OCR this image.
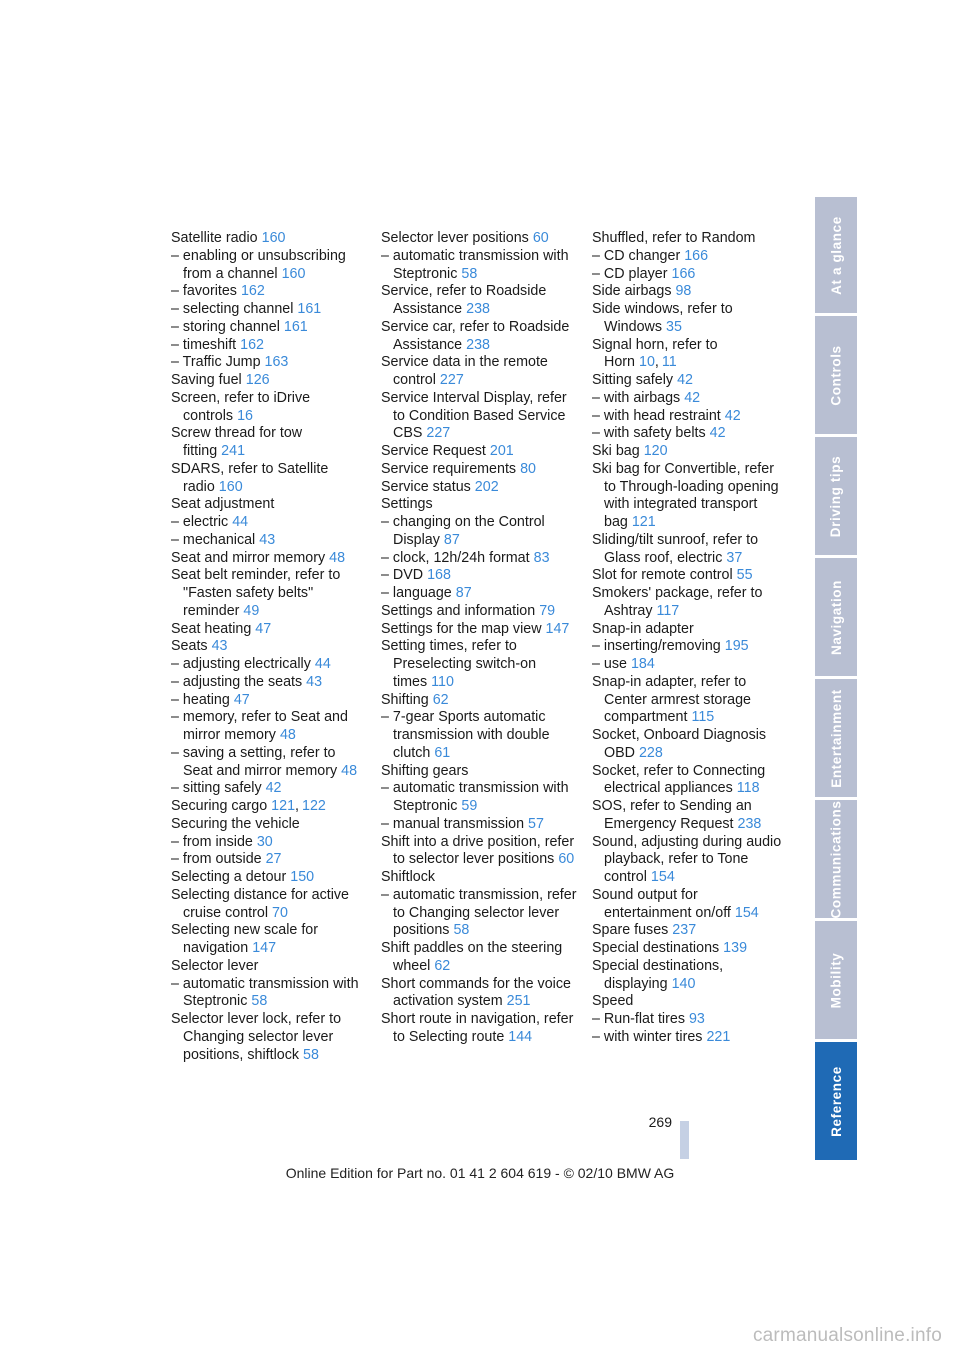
Satellite radio 160
– enabling or unsubscribing from a channel 160
– favorites 162
– selecting channel 161
– storing channel 161
– timeshift 162
– Traffic Jump 163
Saving fuel 126
Screen, refer to iDrive controls 16
Screw thread for tow fitting 241
SDARS, refer to Satellite radio 160
Seat adjustment
– electric 44
– mechanical 43
Seat and mirror memory 48
Seat belt reminder, refer to "Fasten safety belts" reminder 49
Seat heating 47
Seats 43
– adjusting electrically 44
– adjusting the seats 43
– heating 47
– memory, refer to Seat and mirror memory 48
– saving a setting, refer to Seat and mirror memory 48
– sitting safely 42
Securing cargo 121, 122
Securing the vehicle
– from inside 30
– from outside 27
Selecting a detour 150
Selecting distance for active cruise control 70
Selecting new scale for navigation 147
Selector lever
– automatic transmission with Steptronic 58
Selector lever lock, refer to Changing selector lever positions, shiftlock 58
Selector lever positions 60
– automatic transmission with Steptronic 58
Service, refer to Roadside Assistance 238
Service car, refer to Roadside Assistance 238
Service data in the remote control 227
Service Interval Display, refer to Condition Based Service CBS 227
Service Request 201
Service requirements 80
Service status 202
Settings
– changing on the Control Display 87
– clock, 12h/24h format 83
– DVD 168
– language 87
Settings and information 79
Settings for the map view 147
Setting times, refer to Preselecting switch-on times 110
Shifting 62
– 7-gear Sports automatic transmission with double clutch 61
Shifting gears
– automatic transmission with Steptronic 59
– manual transmission 57
Shift into a drive position, refer to selector lever positions 60
Shiftlock
– automatic transmission, refer to Changing selector lever positions 58
Shift paddles on the steering wheel 62
Short commands for the voice activation system 251
Short route in navigation, refer to Selecting route 144
Shuffled, refer to Random
– CD changer 166
– CD player 166
Side airbags 98
Side windows, refer to Windows 35
Signal horn, refer to Horn 10, 11
Sitting safely 42
– with airbags 42
– with head restraint 42
– with safety belts 42
Ski bag 120
Ski bag for Convertible, refer to Through-loading opening with integrated transport bag 121
Sliding/tilt sunroof, refer to Glass roof, electric 37
Slot for remote control 55
Smokers' package, refer to Ashtray 117
Snap-in adapter
– inserting/removing 195
– use 184
Snap-in adapter, refer to Center armrest storage compartment 115
Socket, Onboard Diagnosis OBD 228
Socket, refer to Connecting electrical appliances 118
SOS, refer to Sending an Emergency Request 238
Sound, adjusting during audio playback, refer to Tone control 154
Sound output for entertainment on/off 154
Spare fuses 237
Special destinations 139
Special destinations, displaying 140
Speed
– Run-flat tires 93
– with winter tires 221
At a glance
Controls
Driving tips
Navigation
Entertainment
Communications
Mobility
Reference
269
Online Edition for Part no. 01 41 2 604 619 - © 02/10 BMW AG
carmanualsonline.info
